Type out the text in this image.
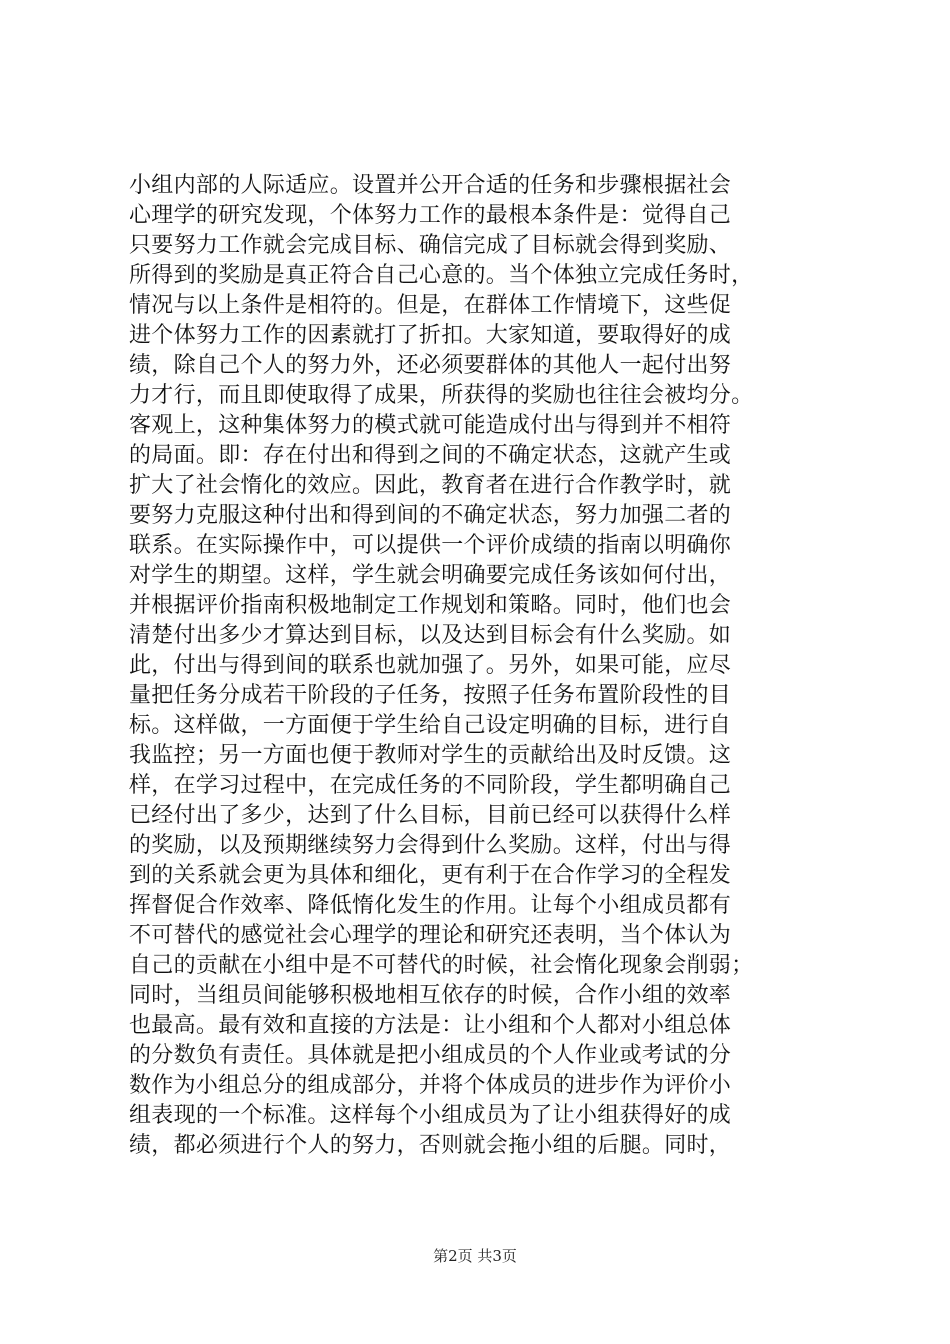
小组内部的人际适应。设置并公开合适的任务和步骤根据社会
心理学的研究发现，个体努力工作的最根本条件是：觉得自己
只要努力工作就会完成目标、确信完成了目标就会得到奖励、
所得到的奖励是真正符合自己心意的。当个体独立完成任务时，
情况与以上条件是相符的。但是，在群体工作情境下，这些促
进个体努力工作的因素就打了折扣。大家知道，要取得好的成
绩，除自己个人的努力外，还必须要群体的其他人一起付出努
力才行，而且即使取得了成果，所获得的奖励也往往会被均分。
客观上，这种集体努力的模式就可能造成付出与得到并不相符
的局面。即：存在付出和得到之间的不确定状态，这就产生或
扩大了社会惰化的效应。因此，教育者在进行合作教学时，就
要努力克服这种付出和得到间的不确定状态，努力加强二者的
联系。在实际操作中，可以提供一个评价成绩的指南以明确你
对学生的期望。这样，学生就会明确要完成任务该如何付出，
并根据评价指南积极地制定工作规划和策略。同时，他们也会
清楚付出多少才算达到目标，以及达到目标会有什么奖励。如
此，付出与得到间的联系也就加强了。另外，如果可能，应尽
量把任务分成若干阶段的子任务，按照子任务布置阶段性的目
标。这样做，一方面便于学生给自己设定明确的目标，进行自
我监控；另一方面也便于教师对学生的贡献给出及时反馈。这
样，在学习过程中，在完成任务的不同阶段，学生都明确自己
已经付出了多少，达到了什么目标，目前已经可以获得什么样
的奖励，以及预期继续努力会得到什么奖励。这样，付出与得
到的关系就会更为具体和细化，更有利于在合作学习的全程发
挥督促合作效率、降低惰化发生的作用。让每个小组成员都有
不可替代的感觉社会心理学的理论和研究还表明，当个体认为
自己的贡献在小组中是不可替代的时候，社会惰化现象会削弱；
同时，当组员间能够积极地相互依存的时候，合作小组的效率
也最高。最有效和直接的方法是：让小组和个人都对小组总体
的分数负有责任。具体就是把小组成员的个人作业或考试的分
数作为小组总分的组成部分，并将个体成员的进步作为评价小
组表现的一个标准。这样每个小组成员为了让小组获得好的成
绩，都必须进行个人的努力，否则就会拖小组的后腿。同时，
第2页 共3页
